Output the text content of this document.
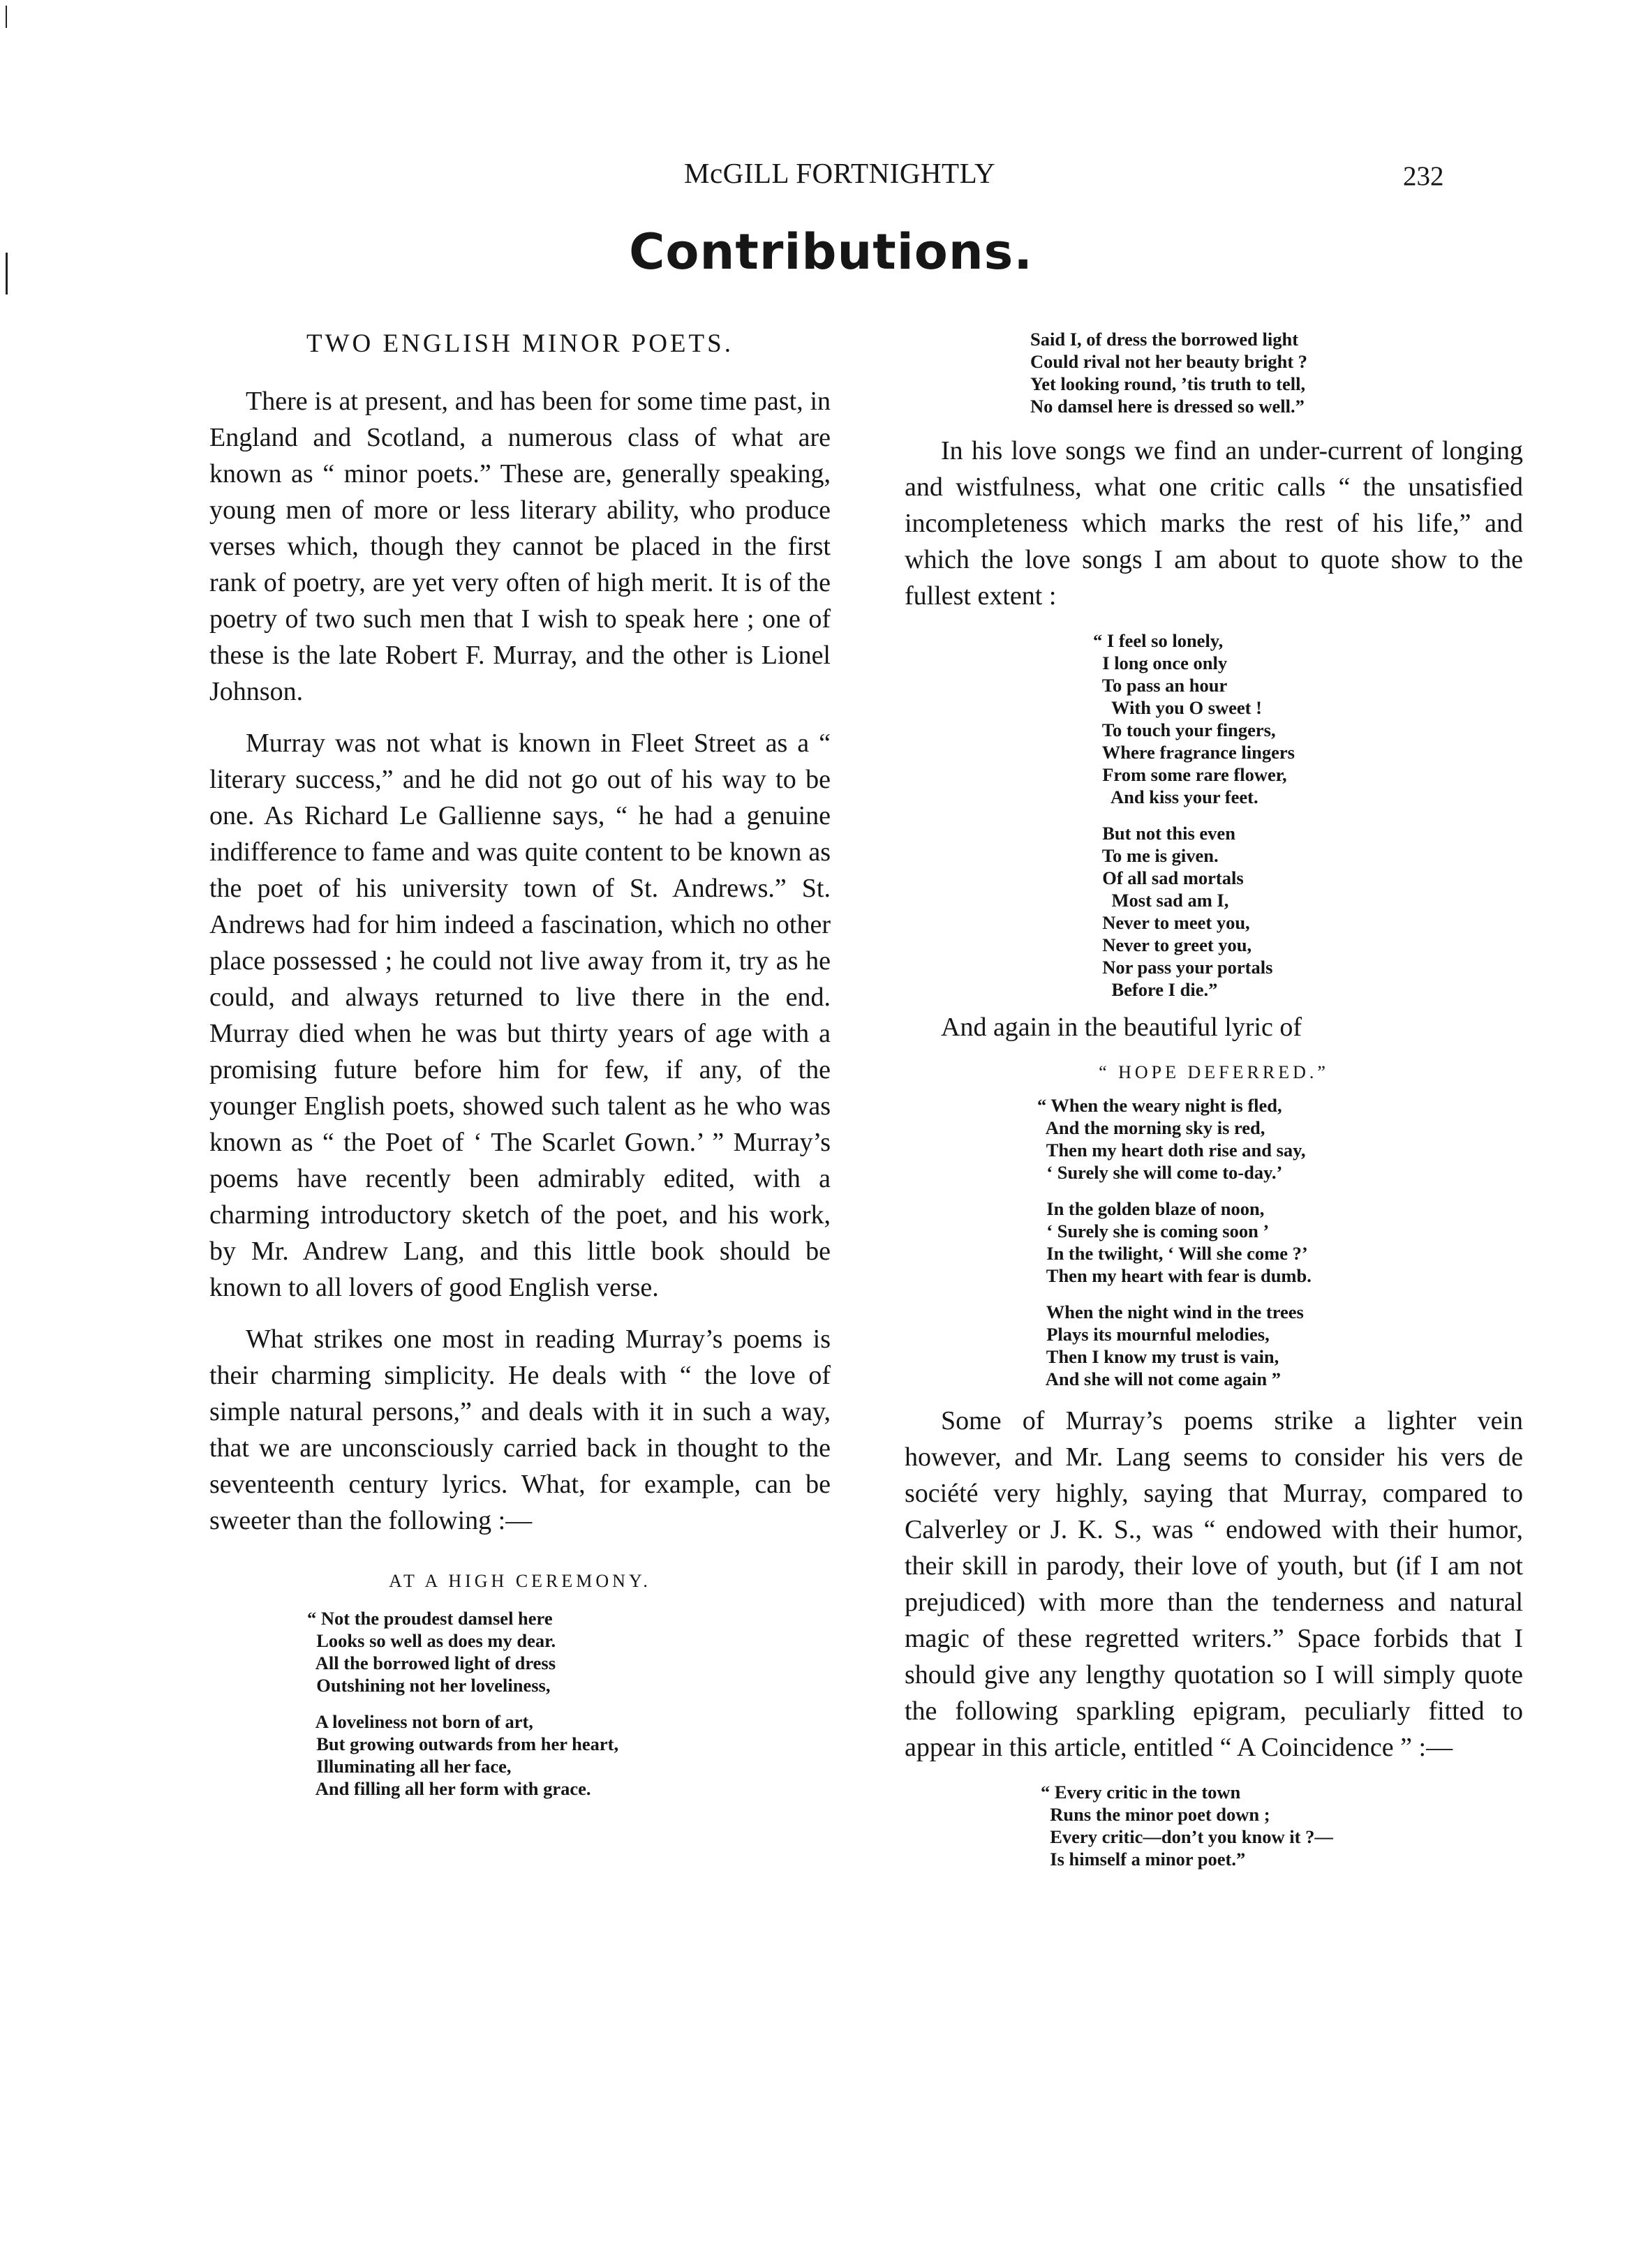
McGILL FORTNIGHTLY	232
Contributions.
TWO ENGLISH MINOR POETS.

There is at present, and has been for some time past, in England and Scotland, a numerous class of what are known as “ minor poets.” These are, generally speaking, young men of more or less literary ability, who produce verses which, though they cannot be placed in the first rank of poetry, are yet very often of high merit. It is of the poetry of two such men that I wish to speak here ; one of these is the late Robert F. Murray, and the other is Lionel Johnson.

Murray was not what is known in Fleet Street as a “ literary success,” and he did not go out of his way to be one. As Richard Le Gallienne says, “ he had a genuine indifference to fame and was quite content to be known as the poet of his university town of St. Andrews.” St. Andrews had for him indeed a fascination, which no other place possessed ; he could not live away from it, try as he could, and always returned to live there in the end. Murray died when he was but thirty years of age with a promising future before him for few, if any, of the younger English poets, showed such talent as he who was known as “ the Poet of ‘ The Scarlet Gown.’ ” Murray’s poems have recently been admirably edited, with a charming introductory sketch of the poet, and his work, by Mr. Andrew Lang, and this little book should be known to all lovers of good English verse.

What strikes one most in reading Murray’s poems is their charming simplicity. He deals with “ the love of simple natural persons,” and deals with it in such a way, that we are unconsciously carried back in thought to the seventeenth century lyrics. What, for example, can be sweeter than the following :—

AT A HIGH CEREMONY.
“ Not the proudest damsel here
Looks so well as does my dear.
All the borrowed light of dress
Outshining not her loveliness,
A loveliness not born of art,
But growing outwards from her heart,
Illuminating all her face,
And filling all her form with grace.
Said I, of dress the borrowed light
Could rival not her beauty bright ?
Yet looking round, ’tis truth to tell,
No damsel here is dressed so well.”

In his love songs we find an under-current of longing and wistfulness, what one critic calls “ the unsatisfied incompleteness which marks the rest of his life,” and which the love songs I am about to quote show to the fullest extent :

“ I feel so lonely,
I long once only
To pass an hour
With you O sweet !
To touch your fingers,
Where fragrance lingers
From some rare flower,
And kiss your feet.
But not this even
To me is given.
Of all sad mortals
Most sad am I,
Never to meet you,
Never to greet you,
Nor pass your portals
Before I die.”

And again in the beautiful lyric of

“ HOPE DEFERRED.”
“ When the weary night is fled,
And the morning sky is red,
Then my heart doth rise and say,
‘ Surely she will come to-day.’
In the golden blaze of noon,
‘ Surely she is coming soon ’
In the twilight, ‘ Will she come ?’
Then my heart with fear is dumb.
When the night wind in the trees
Plays its mournful melodies,
Then I know my trust is vain,
And she will not come again ”

Some of Murray’s poems strike a lighter vein however, and Mr. Lang seems to consider his vers de société very highly, saying that Murray, compared to Calverley or J. K. S., was “ endowed with their humor, their skill in parody, their love of youth, but (if I am not prejudiced) with more than the tenderness and natural magic of these regretted writers.” Space forbids that I should give any lengthy quotation so I will simply quote the following sparkling epigram, peculiarly fitted to appear in this article, entitled “ A Coincidence ” :—

“ Every critic in the town
Runs the minor poet down ;
Every critic—don’t you know it ?—
Is himself a minor poet.”
